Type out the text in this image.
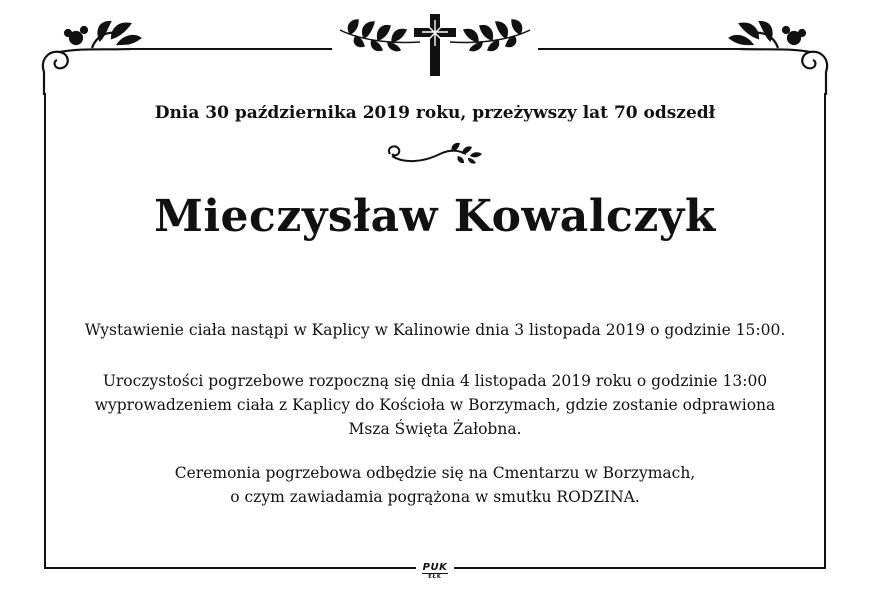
Dnia 30 października 2019 roku, przeżywszy lat 70 odszedł
Mieczysław Kowalczyk
Wystawienie ciała nastąpi w Kaplicy w Kalinowie dnia 3 listopada 2019 o godzinie 15:00.
Uroczystości pogrzebowe rozpoczną się dnia 4 listopada 2019 roku o godzinie 13:00
wyprowadzeniem ciała z Kaplicy do Kościoła w Borzymach, gdzie zostanie odprawiona
Msza Święta Żałobna.
Ceremonia pogrzebowa odbędzie się na Cmentarzu w Borzymach,
o czym zawiadamia pogrążona w smutku RODZINA.
PUK
EŁK
